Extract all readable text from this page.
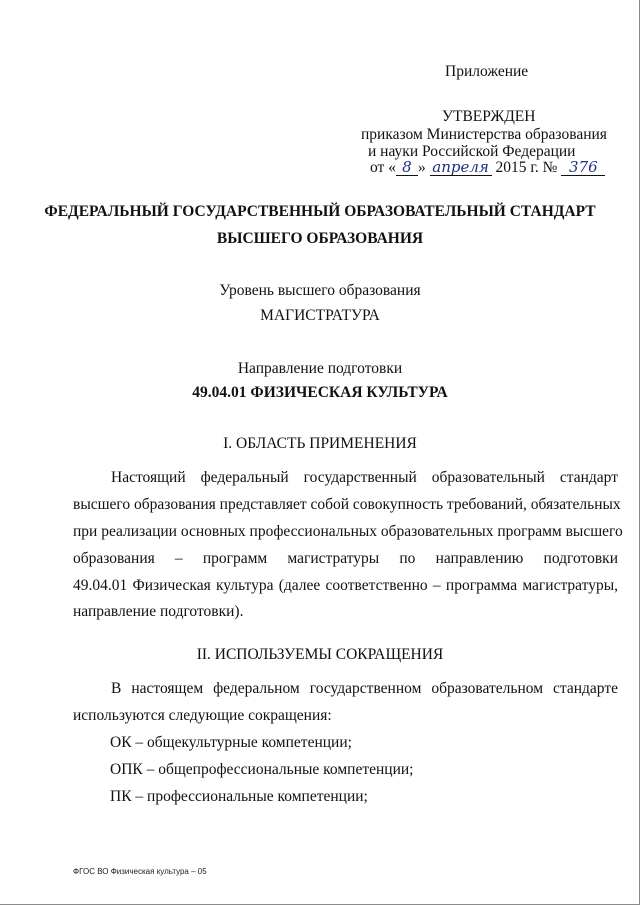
Приложение
УТВЕРЖДЕН
приказом Министерства образования
и науки Российской Федерации
от « 8 » апреля 2015 г. № 376
ФЕДЕРАЛЬНЫЙ ГОСУДАРСТВЕННЫЙ ОБРАЗОВАТЕЛЬНЫЙ СТАНДАРТ
ВЫСШЕГО ОБРАЗОВАНИЯ
Уровень высшего образования
МАГИСТРАТУРА
Направление подготовки
49.04.01 ФИЗИЧЕСКАЯ КУЛЬТУРА
I. ОБЛАСТЬ ПРИМЕНЕНИЯ
Настоящий федеральный государственный образовательный стандарт
высшего образования представляет собой совокупность требований, обязательных
при реализации основных профессиональных образовательных программ высшего
образования – программ магистратуры по направлению подготовки
49.04.01 Физическая культура (далее соответственно – программа магистратуры,
направление подготовки).
II. ИСПОЛЬЗУЕМЫ СОКРАЩЕНИЯ
В настоящем федеральном государственном образовательном стандарте
используются следующие сокращения:
ОК – общекультурные компетенции;
ОПК – общепрофессиональные компетенции;
ПК – профессиональные компетенции;
ФГОС ВО Физическая культура – 05
